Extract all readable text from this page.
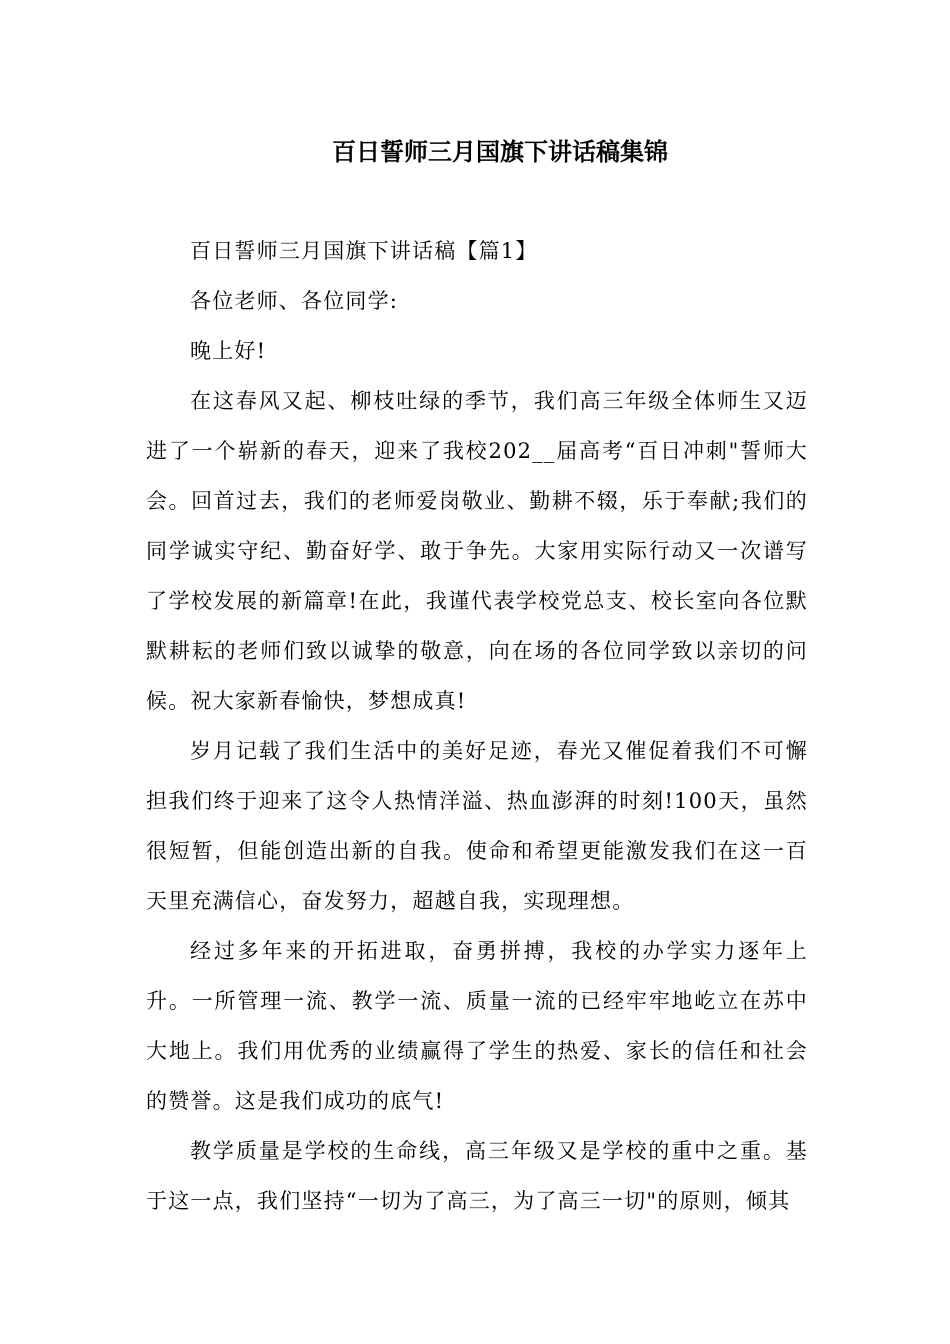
百日誓师三月国旗下讲话稿集锦

百日誓师三月国旗下讲话稿【篇1】

各位老师、各位同学:

晚上好!

在这春风又起、柳枝吐绿的季节，我们高三年级全体师生又迈进了一个崭新的春天，迎来了我校202__届高考“百日冲刺"誓师大会。回首过去，我们的老师爱岗敬业、勤耕不辍，乐于奉献;我们的同学诚实守纪、勤奋好学、敢于争先。大家用实际行动又一次谱写了学校发展的新篇章!在此，我谨代表学校党总支、校长室向各位默默耕耘的老师们致以诚挚的敬意，向在场的各位同学致以亲切的问候。祝大家新春愉快，梦想成真!

岁月记载了我们生活中的美好足迹，春光又催促着我们不可懈担我们终于迎来了这令人热情洋溢、热血澎湃的时刻!100天，虽然很短暂，但能创造出新的自我。使命和希望更能激发我们在这一百天里充满信心，奋发努力，超越自我，实现理想。

经过多年来的开拓进取，奋勇拼搏，我校的办学实力逐年上升。一所管理一流、教学一流、质量一流的已经牢牢地屹立在苏中大地上。我们用优秀的业绩赢得了学生的热爱、家长的信任和社会的赞誉。这是我们成功的底气!

教学质量是学校的生命线，高三年级又是学校的重中之重。基于这一点，我们坚持“一切为了高三，为了高三一切"的原则，倾其
